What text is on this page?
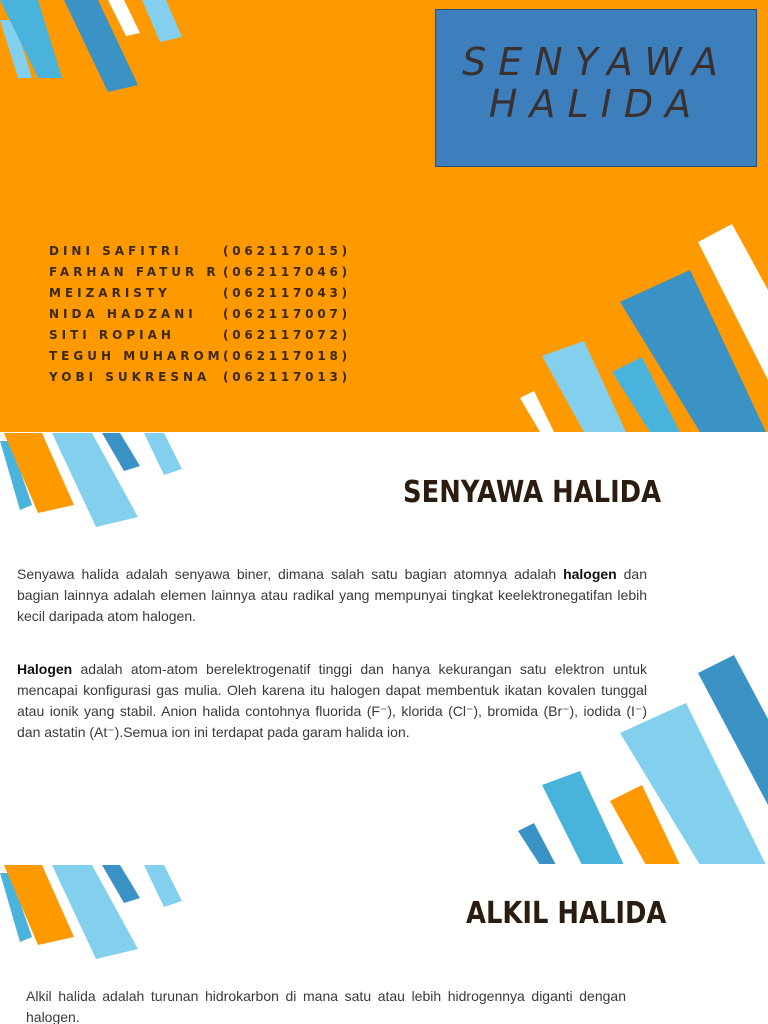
SENYAWA
HALIDA
DINI SAFITRI	(062117015)
FARHAN FATUR R (062117046)
MEIZARISTY	(062117043)
NIDA HADZANI (062117007)
SITI ROPIAH	(062117072)
TEGUH MUHAROM (062117018)
YOBI SUKRESNA (062117013)
SENYAWA HALIDA

Senyawa halida adalah senyawa biner, dimana salah satu bagian atomnya adalah halogen dan bagian lainnya adalah elemen lainnya atau radikal yang mempunyai tingkat keelektronegatifan lebih kecil daripada atom halogen.

Halogen adalah atom-atom berelektrogenatif tinggi dan hanya kekurangan satu elektron untuk mencapai konfigurasi gas mulia. Oleh karena itu halogen dapat membentuk ikatan kovalen tunggal atau ionik yang stabil. Anion halida contohnya fluorida (F⁻), klorida (Cl⁻), bromida (Br⁻), iodida (I⁻) dan astatin (At⁻).Semua ion ini terdapat pada garam halida ion.

ALKIL HALIDA

Alkil halida adalah turunan hidrokarbon di mana satu atau lebih hidrogennya diganti dengan halogen.
